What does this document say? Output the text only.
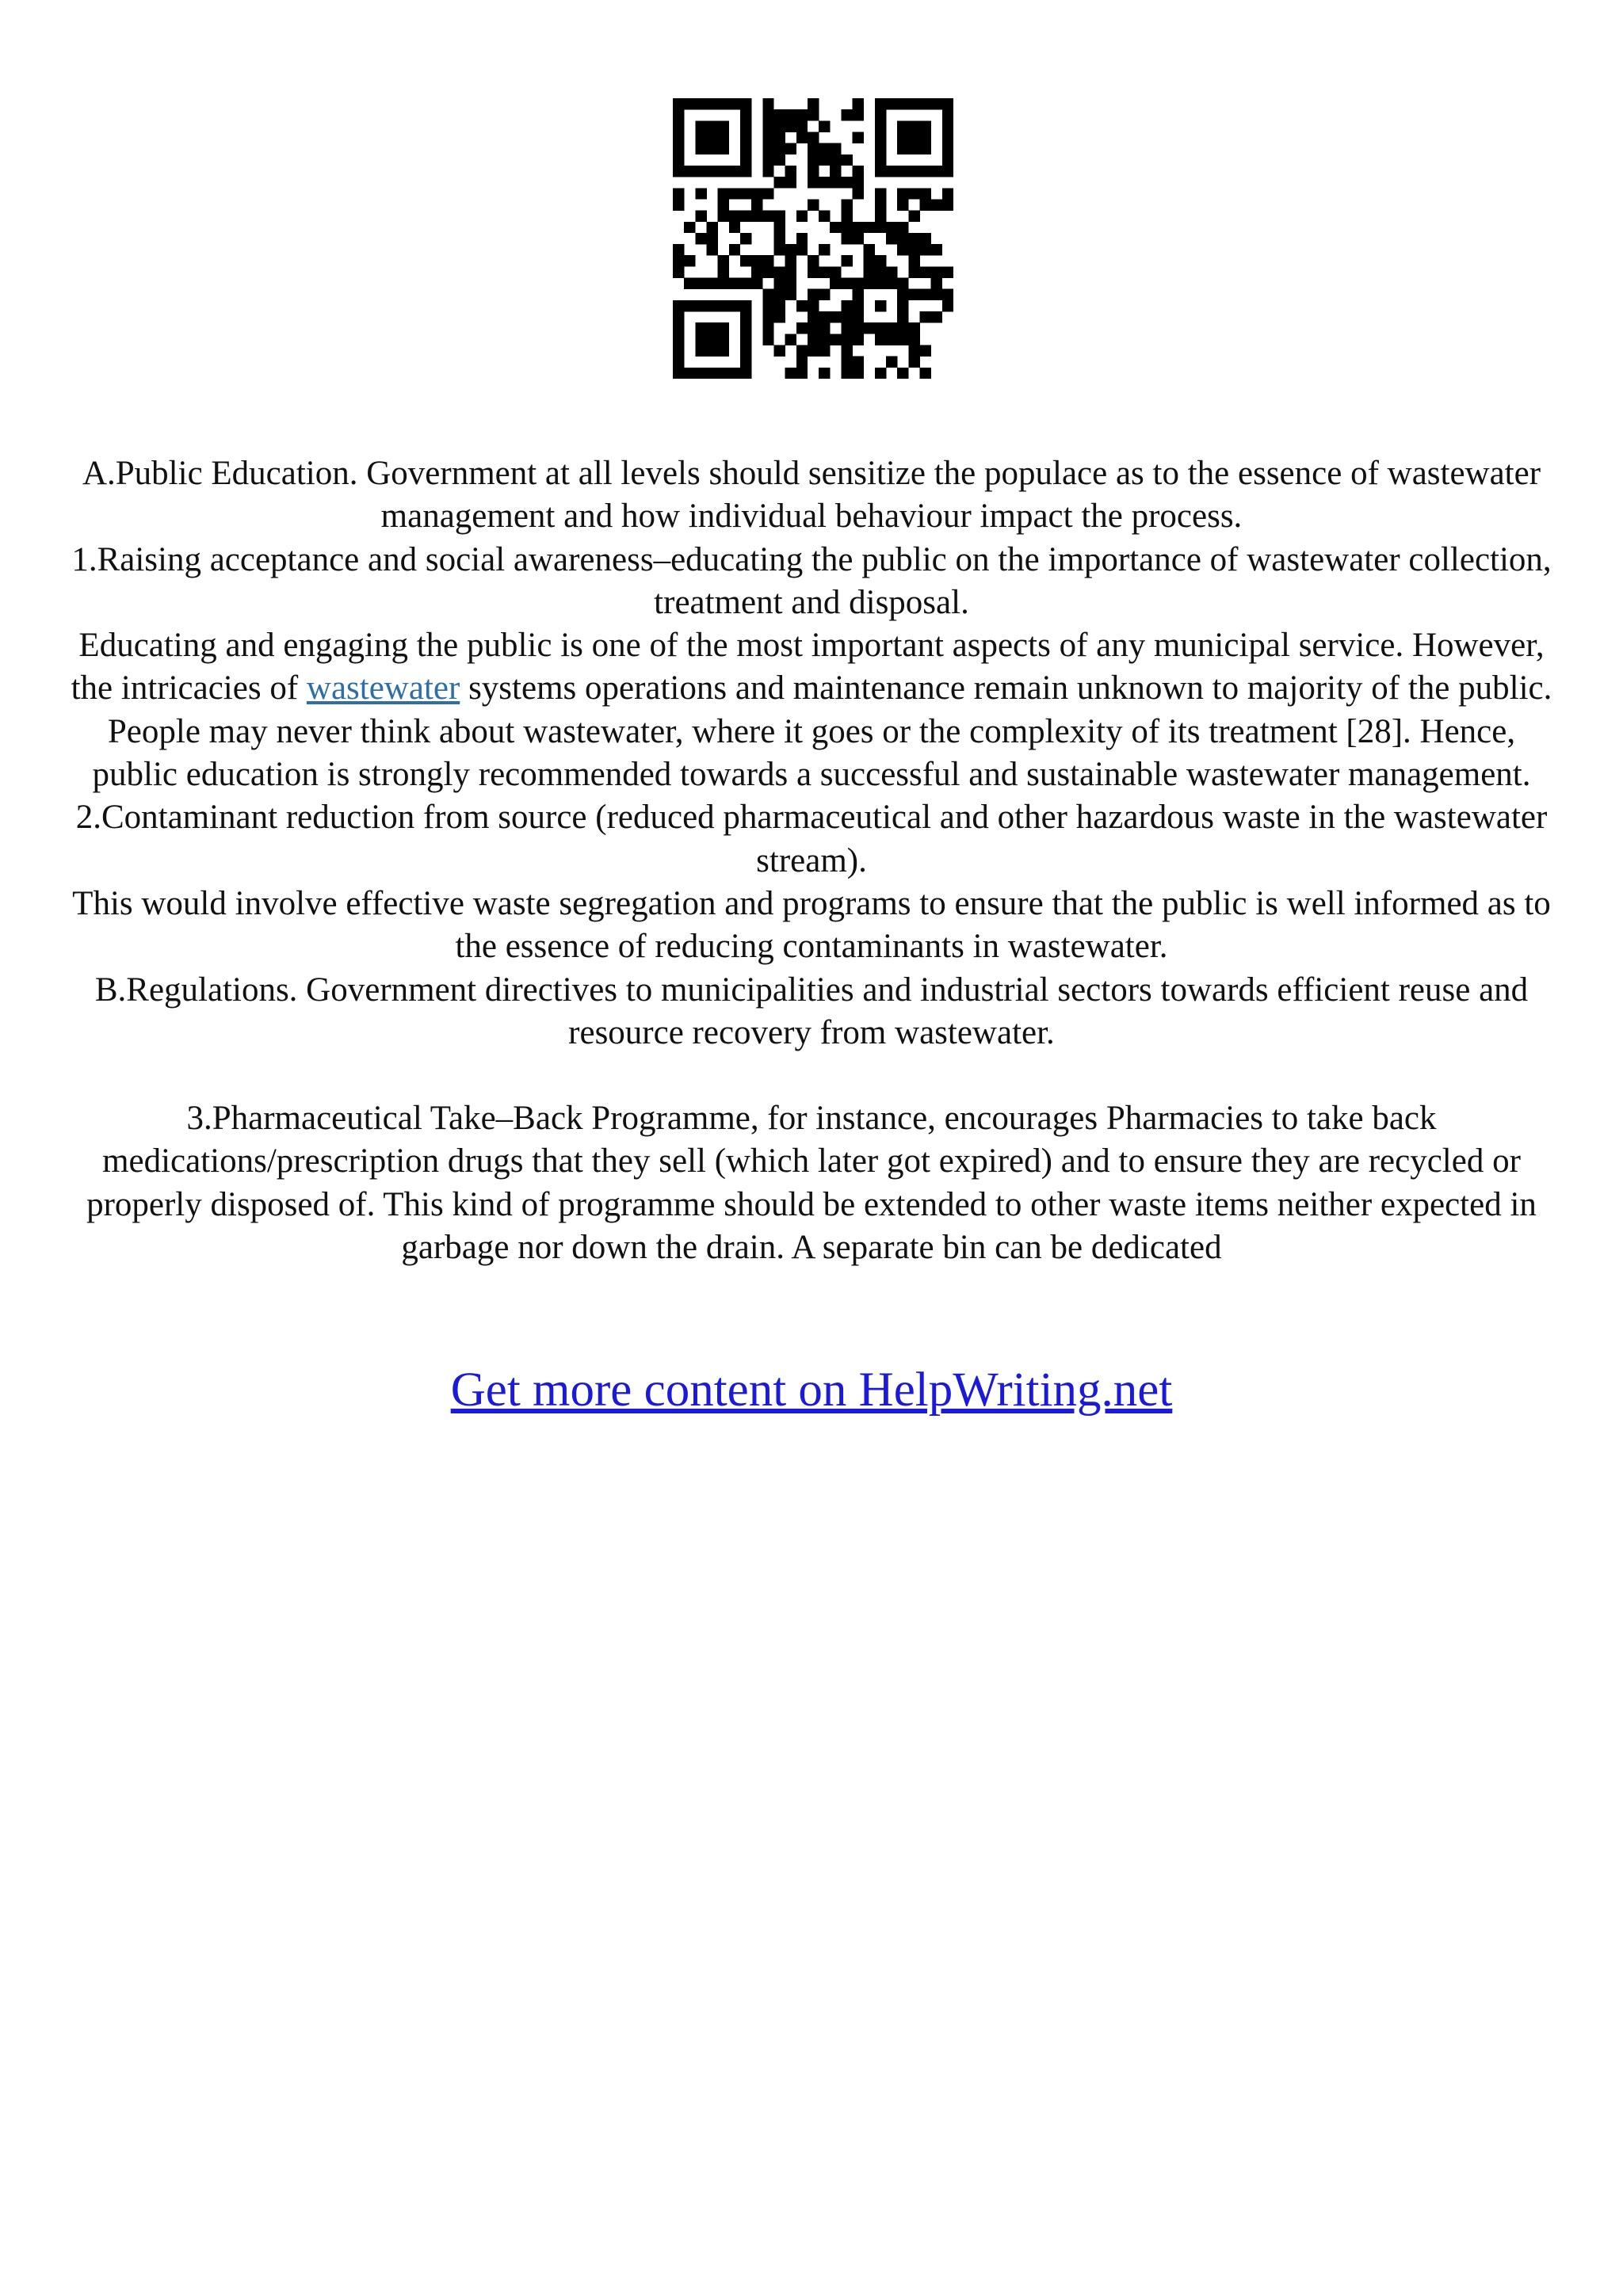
A.Public Education. Government at all levels should sensitize the populace as to the essence of wastewater management and how individual behaviour impact the process.

1.Raising acceptance and social awareness–educating the public on the importance of wastewater collection, treatment and disposal.

Educating and engaging the public is one of the most important aspects of any municipal service. However, the intricacies of wastewater systems operations and maintenance remain unknown to majority of the public. People may never think about wastewater, where it goes or the complexity of its treatment [28]. Hence, public education is strongly recommended towards a successful and sustainable wastewater management.

2.Contaminant reduction from source (reduced pharmaceutical and other hazardous waste in the wastewater stream).

This would involve effective waste segregation and programs to ensure that the public is well informed as to the essence of reducing contaminants in wastewater.

B.Regulations. Government directives to municipalities and industrial sectors towards efficient reuse and resource recovery from wastewater.

3.Pharmaceutical Take–Back Programme, for instance, encourages Pharmacies to take back medications/prescription drugs that they sell (which later got expired) and to ensure they are recycled or properly disposed of. This kind of programme should be extended to other waste items neither expected in garbage nor down the drain. A separate bin can be dedicated

Get more content on HelpWriting.net
